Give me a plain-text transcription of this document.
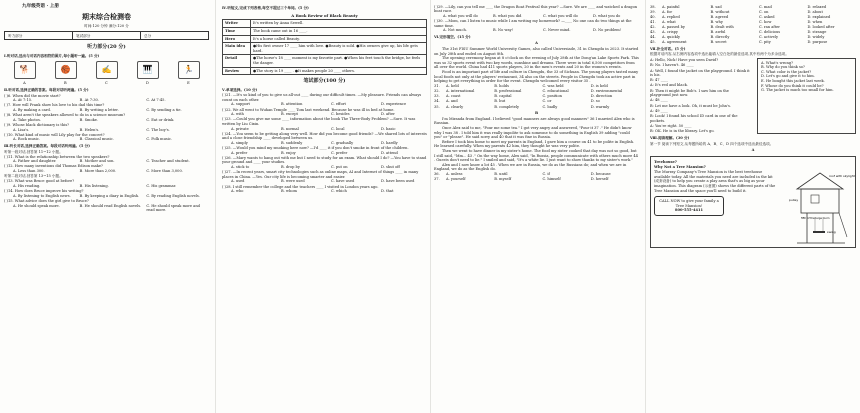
九年级英语 · 上册
期末综合检测卷
时间:120 分钟 满分:120 分
听力部分	笔试部分	总分
听力部分(20 分)
Ⅰ.听对话,选出与对话内容相符的图片,每小题听一遍。(5 分)
🐕	🏀	✍	🎹	🏃
A	B	C	D	E
Ⅱ.听对话,选择正确的答案。每段对话听两遍。(5 分)
( )6. When did the movie start?
A. At 7:15.	B. At 7:30.	C. At 7:45.
( )7. How will Frank show his love to his dad this time?
A. By making a card.	B. By writing a letter.	C. By sending a tie.
( )8. What aren't the speakers allowed to do in a science museum?
A. Take photos.	B. Smoke.	C. Eat or drink.
( )9. Whose black dictionary is this?
A. Lisa's.	B. Helen's.	C. The boy's.
( )10. What kind of music will Lily play for the concert?
A. Rock music.	B. Classical music.	C. Folk music.
Ⅲ.听长对话,选择正确答案。每段对话听两遍。(5 分)
听第一段对话,回答第 11~12 小题。
( )11. What is the relationship between the two speakers?
A. Father and daughter.	B. Mother and son.	C. Teacher and student.
( )12. How many inventions did Thomas Edison make?
A. Less than 300.	B. More than 2,000.	C. More than 3,000.
听第二段对话,回答第 13~15 小题。
( )13. What was Bruce good at before?
A. His reading.	B. His listening.	C. His grammar.
( )14. How does Bruce improve his writing?
A. By listening to English news.	B. By keeping a diary in English.	C. By reading English novels.
( )15. What advice does the girl give to Bruce?
A. He should speak more.	B. He should read English novels. C. He should speak more and read more.
Ⅳ.听短文,完成下列表格,每空不超过三个单词。(5 分)
A Book Review of Black Beauty
Writer	It's written by Anna Sewell.
Time	The book came out in 16 ____.
Hero	It's a horse called Beauty.
Main idea	●His first owner 17 ____ him with love. ●Beauty is sold. ●His owners give up, his life gets hard.
Detail	●The horse's 18 ____ moment is my favorite part. ●When his feet touch the bridge, he feels the danger.
Review	●The story is 19 ____ . ●It makes people 20 ____ others.
笔试部分(100 分)
Ⅴ.单项选择。(10 分)
( )21. —It's so kind of you to give us all-out ____ during our difficult times. —My pleasure. Friends can always count on each other.
A. support	B. attention	C. effort	D. experience
( )22. We all went to Wuhan Temple ____ Tom last weekend. Because he was ill in bed at home.
A. with	B. except	C. besides	D. after
( )23. —Could you give me some ____ information about the book The Three-Body Problem? —Sure. It was written by Liu Cixin.
A. private	B. normal	C. local	D. basic
( )24. —You seem to be getting along very well. How did you become good friends? —We shared lots of interests and a close friendship ____ developed between us.
A. simply	B. suddenly	C. gradually	D. hardly
( )25. —Would you mind my smoking here now? —I'd ____ it if you don't smoke in front of the children.
A. prefer	B. enjoy	C. prefer	D. attend
( )26. —Mary wants to hang out with me but I need to study for an exam. What should I do? —You have to stand your ground and ____ your studies.
A. stick to	B. drop by	C. put on	D. shut off
( )27. —In recent years, smart city technologies such as online maps, AI and Internet of things ____ in many places in China. —Yes. Our city life is becoming smarter and easier.
A. used	B. were used	C. have used	D. have been used
( )28. I still remember the college and the teachers ____ I visited in London years ago.
A. who	B. whom	C. which	D. that
( )29. —Lily, can you tell me ____ the Dragon Boat Festival this year? —Sure. We are ____ and watched a dragon boat race.
A. what you will do	B. what you did	C. what you will do	D. what you do
( )30. —Mom, can I listen to music while I am writing my homework? —____ No one can do two things at the same time.
A. Not much.	B. No way!	C. Never mind.	D. No problem!
Ⅵ.完形填空。(15 分)
A

The 31st FISU Summer World University Games, also called Universiade, 31 in Chengdu in 2023. It started on July 28th and ended on August 8th.

The opening ceremony began at 8 o'clock on the evening of July 28th at the Dong'an Lake Sports Park. This was so 32 sports event with two key words, sunshine and dreams. There were in total 6,500 competitors from all over the world. China had 411 sports players, 20 in the men's events and 20 in the women's events.

Food is an important part of life and culture in Chengdu, the 33 of Sichuan. The young players tasted many local foods not only at the players' restaurant, 34 also on the streets. People in Chengdu took an active part in helping to get everything in order for the event. Chengdu welcomed every visitor 35 .

31.	A. held	B. holds	C. was held	D. is held
32.	A. international	B. professional	C. educational	D. environmental
33.	A. coast	B. capital	C. position	D. direction
34.	A. and	B. but	C. or	D. so
35.	A. clearly	B. completely	C. badly	D. warmly
B

I'm Miranda from England. I believed "good manners are always good manners" 36 I married Alex who is Russian.

Once Alex said to me, "Pour me some tea." I got very angry and answered, "Pour it 37 ." He didn't know why I was 38 . I told him it was really impolite to ask someone to do something in English 39 adding "could you" or "please". He said sorry and 40 that it was fine in Russia.

Before I took him home to meet my parents in England, I gave him a course on 41 to be polite in English. He learned carefully. When my parents 42 him, they thought he was very polite.

Then we went to have dinner in my sister's home. The food my sister cooked that day was not so good, but I still said, "Mm... 43 ." On the way home, Alex said, "In Russia, people communicate with others much more 44 . Guests don't need to lie." I smiled and said, "It's a white lie. I just want to show thanks to my sister's work."

Alex and I now know a lot 45 . When we are in Russia, we do as the Russians do; and when we are in England, we do as the English do.

36.	A. unless	B. until	C. if	D. because
37.	A. yourself	B. myself	C. himself	D. herself
38.	A. painful	B. sad	C. mad	D. relaxed
39.	A. for	B. without	C. on	D. about
40.	A. replied	B. agreed	C. asked	D. explained
41.	A. what	B. why	C. how	D. when
42.	A. passed by	B. dealt with	C. ran after	D. looked after
43.	A. crispy	B. awful	C. delicious	D. strange
44.	A. quickly	B. directly	C. actively	D. widely
45.	A. agreement	B. secret	C. pity	D. purpose
Ⅶ.补全对话。(5 分)
根据对话内容,从右侧内容选项中选出能填入空白处的最佳选项,其中有两个为多余选项。
A: Hello, Nick! Have you seen David?
B: No. I haven't. 46 ____
A: Well, I found the jacket on the playground. I think it is his.
B: 47 ____
A: It's red and black.
B: Then it might be Bob's. I saw him on the playground just now.
A: 48 ____
B: Let me have a look. Oh, it must be John's.
A: 49 ____
B: Look! I found his school ID card in one of the pockets.
A: You're right. 50 ____
B: OK. He is in the library. Let's go.
A. What's wrong?
B. Why do you think so?
C. What color is the jacket?
D. Let's go and give it to him.
E. He bought this jacket last week.
F. Whose do you think it could be?
G. The jacket is much too small for him.
Ⅷ.阅读理解。(30 分)
第一节 阅读下列短文,从每题所给的 A、B、C、D 四个选项中选出最佳选项。
A
Treehouse?
Why Not a Tree Mansion?

The Murray Company's Tree Mansion is the best treehouse available today. All the materials you need are included in the kit (成套设备) to help you create a play area that's as big as your imagination. This diagram (示意图) shows the different parts of the Tree Mansion and the space you'll need to build it.

CALL NOW to give your family a Tree Mansion!
800-555-4411
roof with skylight
pulley
fifth of the large room
swing
